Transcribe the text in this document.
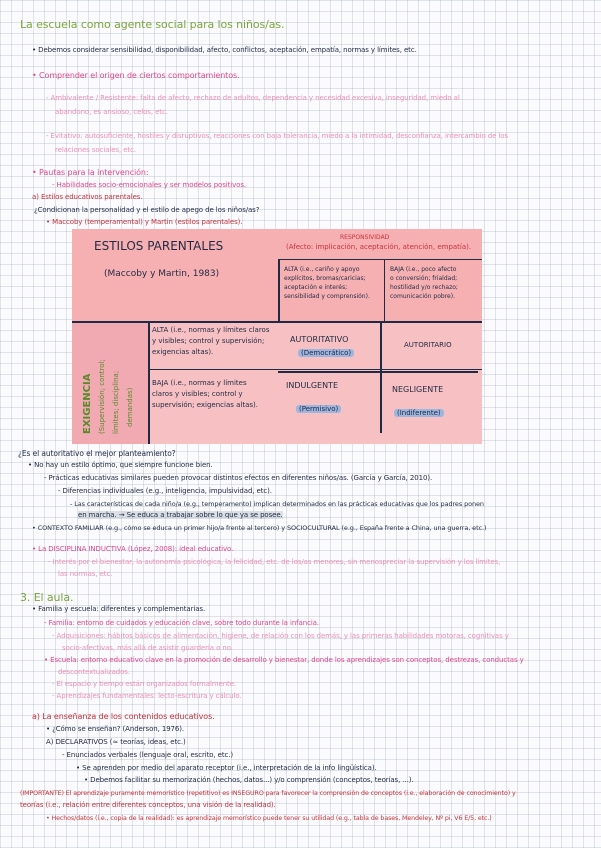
La escuela como agente social para los niños/as.
• Debemos considerar sensibilidad, disponibilidad, afecto, conflictos, aceptación, empatía, normas y límites, etc.
• Comprender el origen de ciertos comportamientos.
- Ambivalente / Resistente: falta de afecto, rechazo de adultos, dependencia y necesidad excesiva, inseguridad, miedo al
abandono, es ansioso, celos, etc.
- Evitativo: autosuficiente, hostiles y disruptivos, reacciones con baja tolerancia, miedo a la intimidad, desconfianza, intercambio de los
relaciones sociales, etc.
• Pautas para la intervención:
- Habilidades socio-emocionales y ser modelos positivos.
a) Estilos educativos parentales.
¿Condicionan la personalidad y el estilo de apego de los niños/as?
• Maccoby (temperamental) y Martin (estilos parentales).
ESTILOS PARENTALES
(Maccoby y Martin, 1983)
RESPONSIVIDAD
(Afecto: implicación, aceptación, atención, empatía).
ALTA (i.e., cariño y apoyo
explícitos, bromas/caricias;
aceptación e interés;
sensibilidad y comprensión).
BAJA (i.e., poco afecto
o conversión; frialdad;
hostilidad y/o rechazo;
comunicación pobre).
EXIGENCIA (Supervisión; control; límites; disciplina; demandas)
ALTA (i.e., normas y límites claros
y visibles; control y supervisión;
exigencias altas).
BAJA (i.e., normas y límites
claros y visibles; control y
supervisión; exigencias altas).
AUTORITATIVO
(Democrático)
AUTORITARIO
INDULGENTE
(Permisivo)
NEGLIGENTE
(Indiferente)
¿Es el autoritativo el mejor planteamiento?
• No hay un estilo óptimo, que siempre funcione bien.
- Prácticas educativas similares pueden provocar distintos efectos en diferentes niños/as. (García y García, 2010).
- Diferencias individuales (e.g., inteligencia, impulsividad, etc).
- Las características de cada niño/a (e.g., temperamento) implican determinados en las prácticas educativas que los padres ponen
en marcha. → Se educa a trabajar sobre lo que ya se posee.
• CONTEXTO FAMILIAR (e.g., cómo se educa un primer hijo/a frente al tercero) y SOCIOCULTURAL (e.g., España frente a China, una guerra, etc.)
• La DISCIPLINA INDUCTIVA (López, 2008): ideal educativo.
- Interés por el bienestar, la autonomía psicológica, la felicidad, etc. de los/as menores, sin menospreciar la supervisión y los límites,
las normas, etc.
3. El aula.
• Familia y escuela: diferentes y complementarias.
- Familia: entorno de cuidados y educación clave, sobre todo durante la infancia.
- Adquisiciones: hábitos básicos de alimentación, higiene, de relación con los demás, y las primeras habilidades motoras, cognitivas y
socio-afectivas, más allá de asistir guardería o no.
• Escuela: entorno educativo clave en la promoción de desarrollo y bienestar, donde los aprendizajes son conceptos, destrezas, conductas y
descontextualizados.
- El espacio y tiempo están organizados formalmente.
- Aprendizajes fundamentales: lecto-escritura y cálculo.
a) La enseñanza de los contenidos educativos.
• ¿Cómo se enseñan? (Anderson, 1976).
A) DECLARATIVOS (≈ teorías, ideas, etc.)
- Enunciados verbales (lenguaje oral, escrito, etc.)
• Se aprenden por medio del aparato receptor (i.e., interpretación de la info lingüística).
• Debemos facilitar su memorización (hechos, datos...) y/o comprensión (conceptos, teorías, ...).
(IMPORTANTE) El aprendizaje puramente memorístico (repetitivo) es INSEGURO para favorecer la comprensión de conceptos (i.e., elaboración de conocimiento) y
teorías (i.e., relación entre diferentes conceptos, una visión de la realidad).
• Hechos/datos (i.e., copia de la realidad): es aprendizaje memorístico puede tener su utilidad (e.g., tabla de bases, Mendeley, Nº pi, V6 E/5, etc.)
